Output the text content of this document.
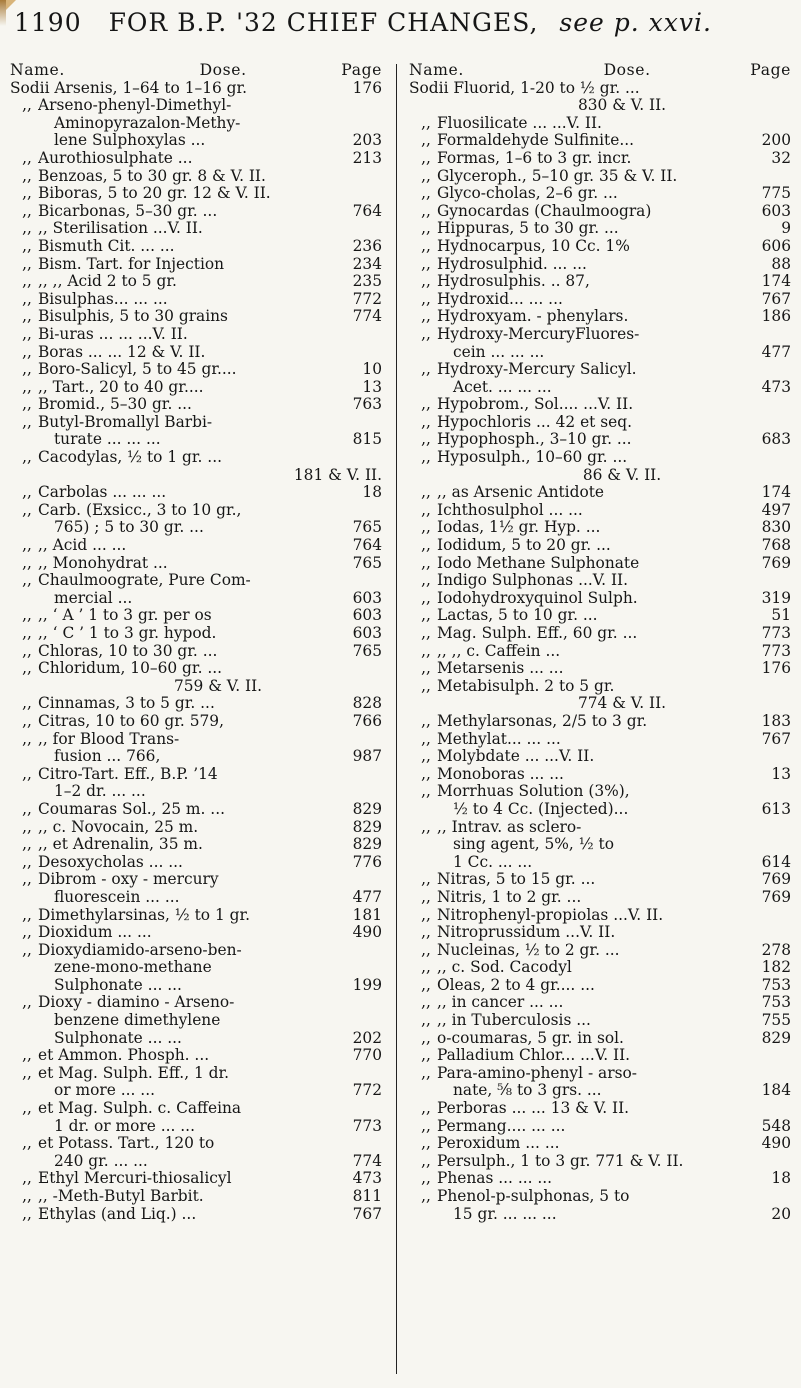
1190 FOR B.P. '32 CHIEF CHANGES, see p. xxvi.
Name.	Dose.	Page
Sodii Arsenis, 1–64 to 1–16 gr.	176
,, Arseno-phenyl-Dimethyl-
Aminopyrazalon-Methy-
lene Sulphoxylas ...	203
,, Aurothiosulphate ...	213
,, Benzoas, 5 to 30 gr. 8 & V. II.
,, Biboras, 5 to 20 gr. 12 & V. II.
,, Bicarbonas, 5–30 gr. ...	764
,, ,, Sterilisation ...V. II.
,, Bismuth Cit. ... ...	236
,, Bism. Tart. for Injection	234
,, ,, ,, Acid 2 to 5 gr.	235
,, Bisulphas... ... ...	772
,, Bisulphis, 5 to 30 grains	774
,, Bi-uras ... ... ...V. II.
,, Boras ... ... 12 & V. II.
,, Boro-Salicyl, 5 to 45 gr....	10
,, ,, Tart., 20 to 40 gr....	13
,, Bromid., 5–30 gr. ...	763
,, Butyl-Bromallyl Barbi-
turate ... ... ...	815
,, Cacodylas, ½ to 1 gr. ...
181 & V. II.
,, Carbolas ... ... ...	18
,, Carb. (Exsicc., 3 to 10 gr.,
765) ; 5 to 30 gr. ...	765
,, ,, Acid ... ...	764
,, ,, Monohydrat ...	765
,, Chaulmoograte, Pure Com-
mercial ...	603
,, ,, ‘ A ’ 1 to 3 gr. per os	603
,, ,, ‘ C ’ 1 to 3 gr. hypod.	603
,, Chloras, 10 to 30 gr. ...	765
,, Chloridum, 10–60 gr. ...
759 & V. II.
,, Cinnamas, 3 to 5 gr. ...	828
,, Citras, 10 to 60 gr. 579,	766
,, ,, for Blood Trans-
fusion ... 766,	987
,, Citro-Tart. Eff., B.P. ’14
1–2 dr. ... ...
,, Coumaras Sol., 25 m. ...	829
,, ,, c. Novocain, 25 m.	829
,, ,, et Adrenalin, 35 m.	829
,, Desoxycholas ... ...	776
,, Dibrom - oxy - mercury
fluorescein ... ...	477
,, Dimethylarsinas, ½ to 1 gr.	181
,, Dioxidum ... ...	490
,, Dioxydiamido-arseno-ben-
zene-mono-methane
Sulphonate ... ...	199
,, Dioxy - diamino - Arseno-
benzene dimethylene
Sulphonate ... ...	202
,, et Ammon. Phosph. ...	770
,, et Mag. Sulph. Eff., 1 dr.
or more ... ...	772
,, et Mag. Sulph. c. Caffeina
1 dr. or more ... ...	773
,, et Potass. Tart., 120 to
240 gr. ... ...	774
,, Ethyl Mercuri-thiosalicyl	473
,, ,, -Meth-Butyl Barbit.	811
,, Ethylas (and Liq.) ...	767
Name.	Dose.	Page
Sodii Fluorid, 1-20 to ½ gr. ...
830 & V. II.
,, Fluosilicate ... ...V. II.
,, Formaldehyde Sulfinite...	200
,, Formas, 1–6 to 3 gr. incr.	32
,, Glyceroph., 5–10 gr. 35 & V. II.
,, Glyco-cholas, 2–6 gr. ...	775
,, Gynocardas (Chaulmoogra)	603
,, Hippuras, 5 to 30 gr. ...	9
,, Hydnocarpus, 10 Cc. 1%	606
,, Hydrosulphid. ... ...	88
,, Hydrosulphis. .. 87,	174
,, Hydroxid... ... ...	767
,, Hydroxyam. - phenylars.	186
,, Hydroxy-MercuryFluores-
cein ... ... ...	477
,, Hydroxy-Mercury Salicyl.
Acet. ... ... ...	473
,, Hypobrom., Sol.... ...V. II.
,, Hypochloris ... 42 et seq.
,, Hypophosph., 3–10 gr. ...	683
,, Hyposulph., 10–60 gr. ...
86 & V. II.
,, ,, as Arsenic Antidote	174
,, Ichthosulphol ... ...	497
,, Iodas, 1½ gr. Hyp. ...	830
,, Iodidum, 5 to 20 gr. ...	768
,, Iodo Methane Sulphonate	769
,, Indigo Sulphonas ...V. II.
,, Iodohydroxyquinol Sulph.	319
,, Lactas, 5 to 10 gr. ...	51
,, Mag. Sulph. Eff., 60 gr. ...	773
,, ,, ,, c. Caffein ...	773
,, Metarsenis ... ...	176
,, Metabisulph. 2 to 5 gr.
774 & V. II.
,, Methylarsonas, 2/5 to 3 gr.	183
,, Methylat... ... ...	767
,, Molybdate ... ...V. II.
,, Monoboras ... ...	13
,, Morrhuas Solution (3%),
½ to 4 Cc. (Injected)...	613
,, ,, Intrav. as sclero-
sing agent, 5%, ½ to
1 Cc. ... ...	614
,, Nitras, 5 to 15 gr. ...	769
,, Nitris, 1 to 2 gr. ...	769
,, Nitrophenyl-propiolas ...V. II.
,, Nitroprussidum ...V. II.
,, Nucleinas, ½ to 2 gr. ...	278
,, ,, c. Sod. Cacodyl	182
,, Oleas, 2 to 4 gr.... ...	753
,, ,, in cancer ... ...	753
,, ,, in Tuberculosis ...	755
,, o-coumaras, 5 gr. in sol.	829
,, Palladium Chlor... ...V. II.
,, Para-amino-phenyl - arso-
nate, ⅝ to 3 grs. ...	184
,, Perboras ... ... 13 & V. II.
,, Permang.... ... ...	548
,, Peroxidum ... ...	490
,, Persulph., 1 to 3 gr. 771 & V. II.
,, Phenas ... ... ...	18
,, Phenol-p-sulphonas, 5 to
15 gr. ... ... ...	20
